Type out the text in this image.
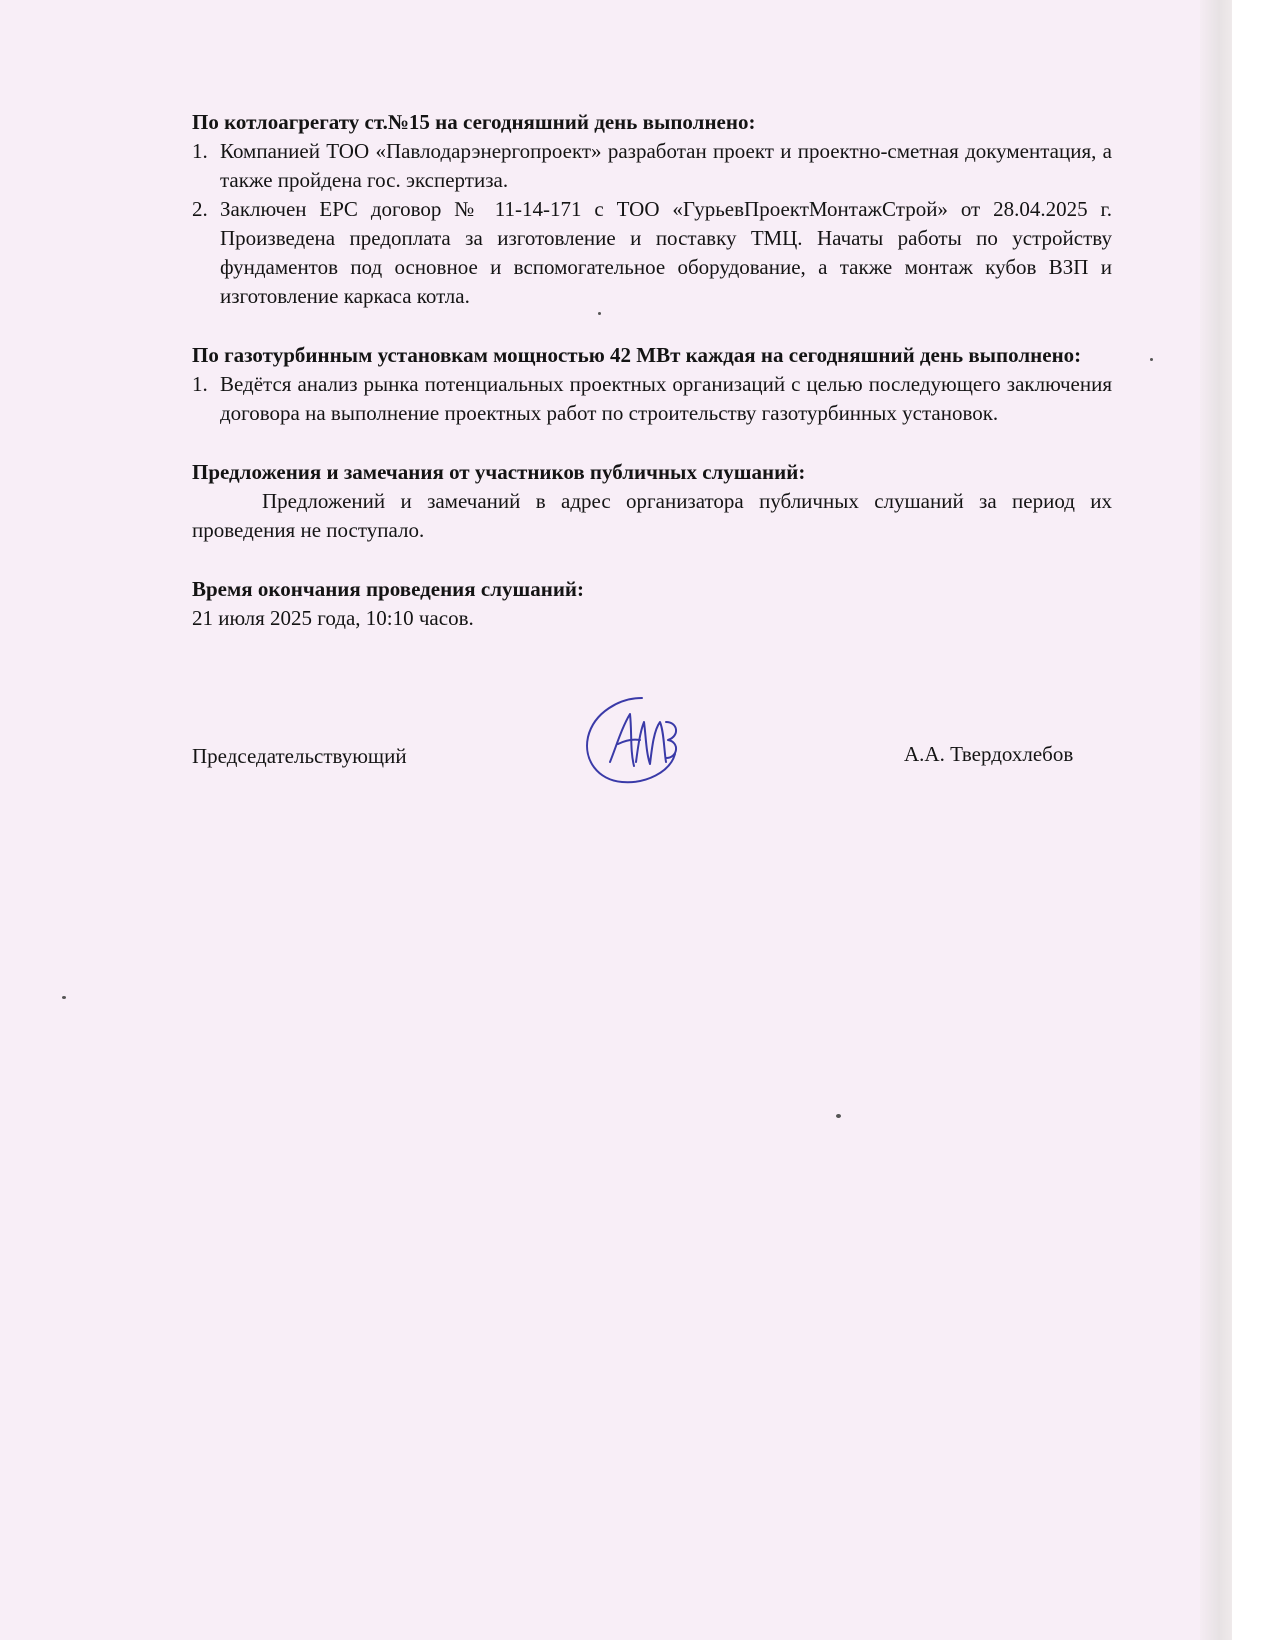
По котлоагрегату ст.№15 на сегодняшний день выполнено:

1. Компанией ТОО «Павлодарэнергопроект» разработан проект и проектно-сметная документация, а также пройдена гос. экспертиза.
2. Заключен EPC договор № 11-14-171 с ТОО «ГурьевПроектМонтажСтрой» от 28.04.2025 г. Произведена предоплата за изготовление и поставку ТМЦ. Начаты работы по устройству фундаментов под основное и вспомогательное оборудование, а также монтаж кубов ВЗП и изготовление каркаса котла.

По газотурбинным установкам мощностью 42 МВт каждая на сегодняшний день выполнено:

1. Ведётся анализ рынка потенциальных проектных организаций с целью последующего заключения договора на выполнение проектных работ по строительству газотурбинных установок.

Предложения и замечания от участников публичных слушаний:

Предложений и замечаний в адрес организатора публичных слушаний за период их проведения не поступало.

Время окончания проведения слушаний:

21 июля 2025 года, 10:10 часов.

Председательствующий	А.А. Твердохлебов
